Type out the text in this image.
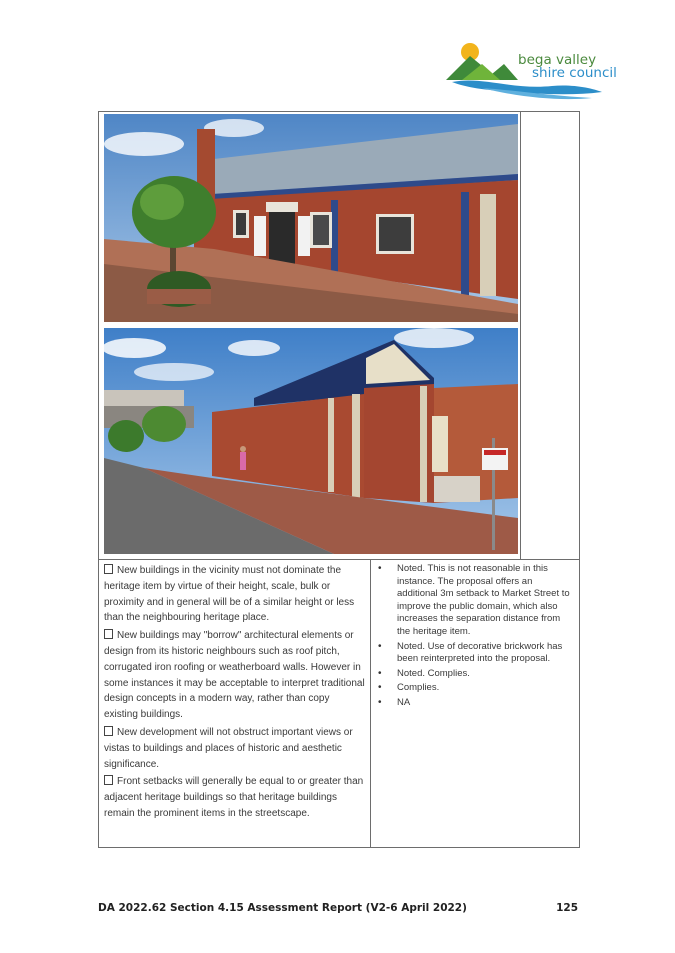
bega valley
shire council

New buildings in the vicinity must not dominate the heritage item by virtue of their height, scale, bulk or proximity and in general will be of a similar height or less than the neighbouring heritage place.

New buildings may "borrow" architectural elements or design from its historic neighbours such as roof pitch, corrugated iron roofing or weatherboard walls. However in some instances it may be acceptable to interpret traditional design concepts in a modern way, rather than copy existing buildings.

New development will not obstruct important views or vistas to buildings and places of historic and aesthetic significance.

Front setbacks will generally be equal to or greater than adjacent heritage buildings so that heritage buildings remain the prominent items in the streetscape.

• Noted. This is not reasonable in this instance. The proposal offers an additional 3m setback to Market Street to improve the public domain, which also increases the separation distance from the heritage item.
• Noted. Use of decorative brickwork has been reinterpreted into the proposal.
• Noted. Complies.
• Complies.
• NA
DA 2022.62 Section 4.15 Assessment Report (V2-6 April 2022)	125
